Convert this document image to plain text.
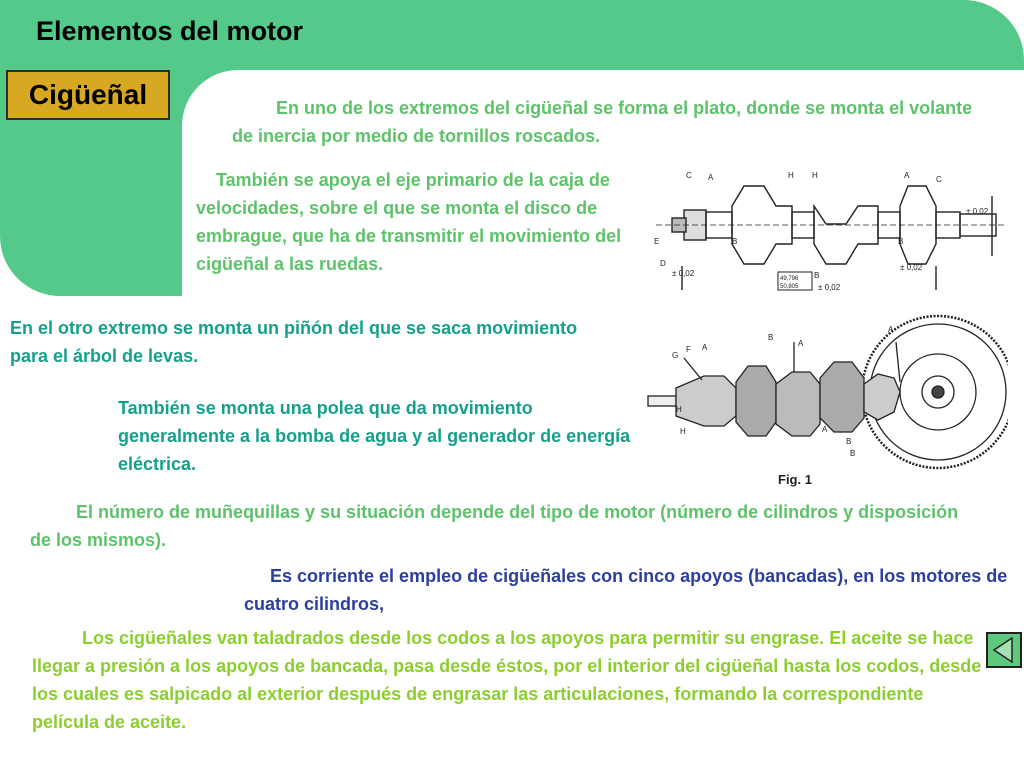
Elementos del motor
Cigüeñal	En uno de los extremos del cigüeñal se forma el plato, donde se monta el volante de inercia por medio de tornillos roscados.

También se apoya el eje primario de la caja de velocidades, sobre el que se monta el disco de embrague, que ha de transmitir el movimiento del cigüeñal a las ruedas.

En el otro extremo se monta un piñón del que se saca movimiento para el árbol de levas.

También se monta una polea que da movimiento generalmente a la bomba de agua y al generador de energía eléctrica.

El número de muñequillas y su situación depende del tipo de motor (número de cilindros y disposición de los mismos).

Es corriente el empleo de cigüeñales con cinco apoyos (bancadas), en los motores de cuatro cilindros,

Los cigüeñales van taladrados desde los codos a los apoyos para permitir su engrase. El aceite se hace llegar a presión a los apoyos de bancada, pasa desde éstos, por el interior del cigüeñal hasta los codos, desde los cuales es salpicado al exterior después de engrasar las articulaciones, formando la correspondiente película de aceite.

C A	H H	A	C
E
D
B
B
B
± 0,02
± 0,02
± 0,02
± 0,02
49,796
50,805
G
F A
B
A
A
H
H	A
B
B
Fig. 1
